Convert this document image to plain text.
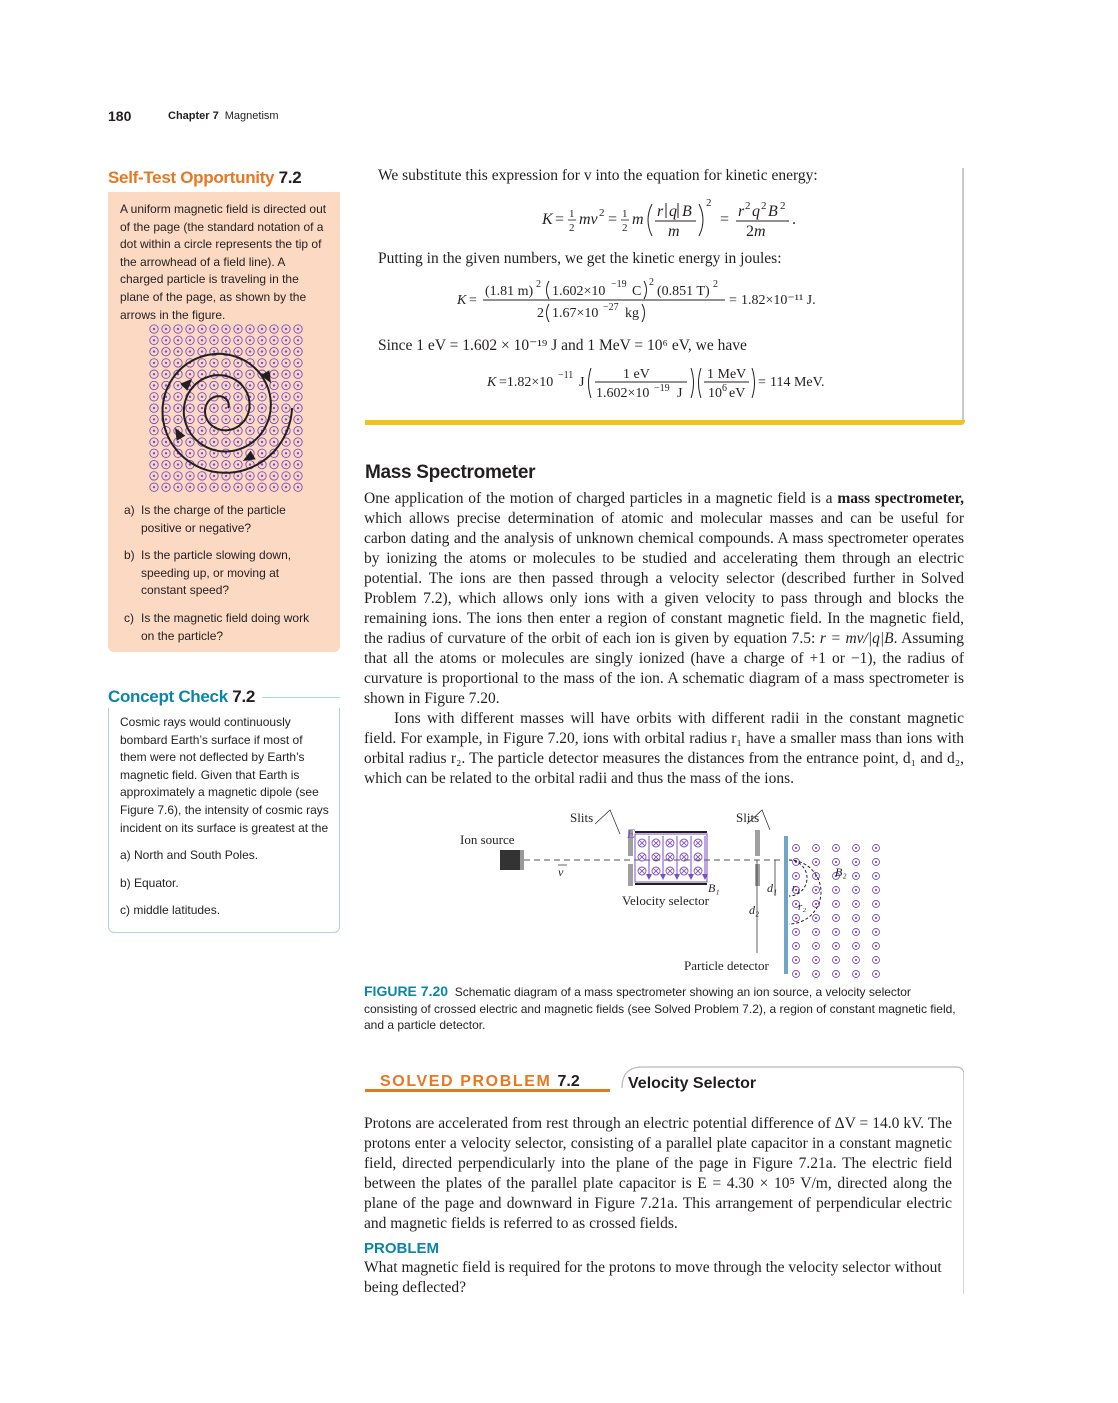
180	Chapter 7 Magnetism
Self-Test Opportunity 7.2
A uniform magnetic field is directed out of the page (the standard notation of a dot within a circle represents the tip of the arrowhead of a field line). A charged particle is traveling in the plane of the page, as shown by the arrows in the figure.
a) Is the charge of the particle positive or negative?
b) Is the particle slowing down, speeding up, or moving at constant speed?
c) Is the magnetic field doing work on the particle?
Concept Check 7.2
Cosmic rays would continuously bombard Earth’s surface if most of them were not deflected by Earth’s magnetic field. Given that Earth is approximately a magnetic dipole (see Figure 7.6), the intensity of cosmic rays incident on its surface is greatest at the
a) North and South Poles.
b) Equator.
c) middle latitudes.
We substitute this expression for v into the equation for kinetic energy:
K = 1
2 mv 2 = 1
2 m r q B
m
2
= r 2 q 2 B 2
2 m
.
Putting in the given numbers, we get the kinetic energy in joules:
K =
(1.81 m) 2 1.602×10 −19 C
2
(0.851 T) 2
2 1.67×10 −27 kg
= 1.82×10⁻¹¹ J.
Since 1 eV = 1.602 × 10⁻¹⁹ J and 1 MeV = 10⁶ eV, we have
K =1.82×10 −11 J
1 eV
1.602×10 −19 J
1 MeV
10 6 eV
= 114 MeV.
Mass Spectrometer

One application of the motion of charged particles in a magnetic field is a mass spectrometer, which allows precise determination of atomic and molecular masses and can be useful for carbon dating and the analysis of unknown chemical compounds. A mass spectrometer operates by ionizing the atoms or molecules to be studied and accelerating them through an electric potential. The ions are then passed through a velocity selector (described further in Solved Problem 7.2), which allows only ions with a given velocity to pass through and blocks the remaining ions. The ions then enter a region of constant magnetic field. In the magnetic field, the radius of curvature of the orbit of each ion is given by equation 7.5: r = mv/|q|B. Assuming that all the atoms or molecules are singly ionized (have a charge of +1 or −1), the radius of curvature is proportional to the mass of the ion. A schematic diagram of a mass spectrometer is shown in Figure 7.20.

Ions with different masses will have orbits with different radii in the constant magnetic field. For example, in Figure 7.20, ions with orbital radius r₁ have a smaller mass than ions with orbital radius r₂. The particle detector measures the distances from the entrance point, d₁ and d₂, which can be related to the orbital radii and thus the mass of the ions.

Ion source
v
Slits
E
B₁
Velocity selector
Slits
d₁
d₂
r₁
r₂
B₂
Particle detector
FIGURE 7.20 Schematic diagram of a mass spectrometer showing an ion source, a velocity selector consisting of crossed electric and magnetic fields (see Solved Problem 7.2), a region of constant magnetic field, and a particle detector.
SOLVED PROBLEM 7.2	Velocity Selector
Protons are accelerated from rest through an electric potential difference of ΔV = 14.0 kV. The protons enter a velocity selector, consisting of a parallel plate capacitor in a constant magnetic field, directed perpendicularly into the plane of the page in Figure 7.21a. The electric field between the plates of the parallel plate capacitor is E = 4.30 × 10⁵ V/m, directed along the plane of the page and downward in Figure 7.21a. This arrangement of perpendicular electric and magnetic fields is referred to as crossed fields.
PROBLEM
What magnetic field is required for the protons to move through the velocity selector without being deflected?
